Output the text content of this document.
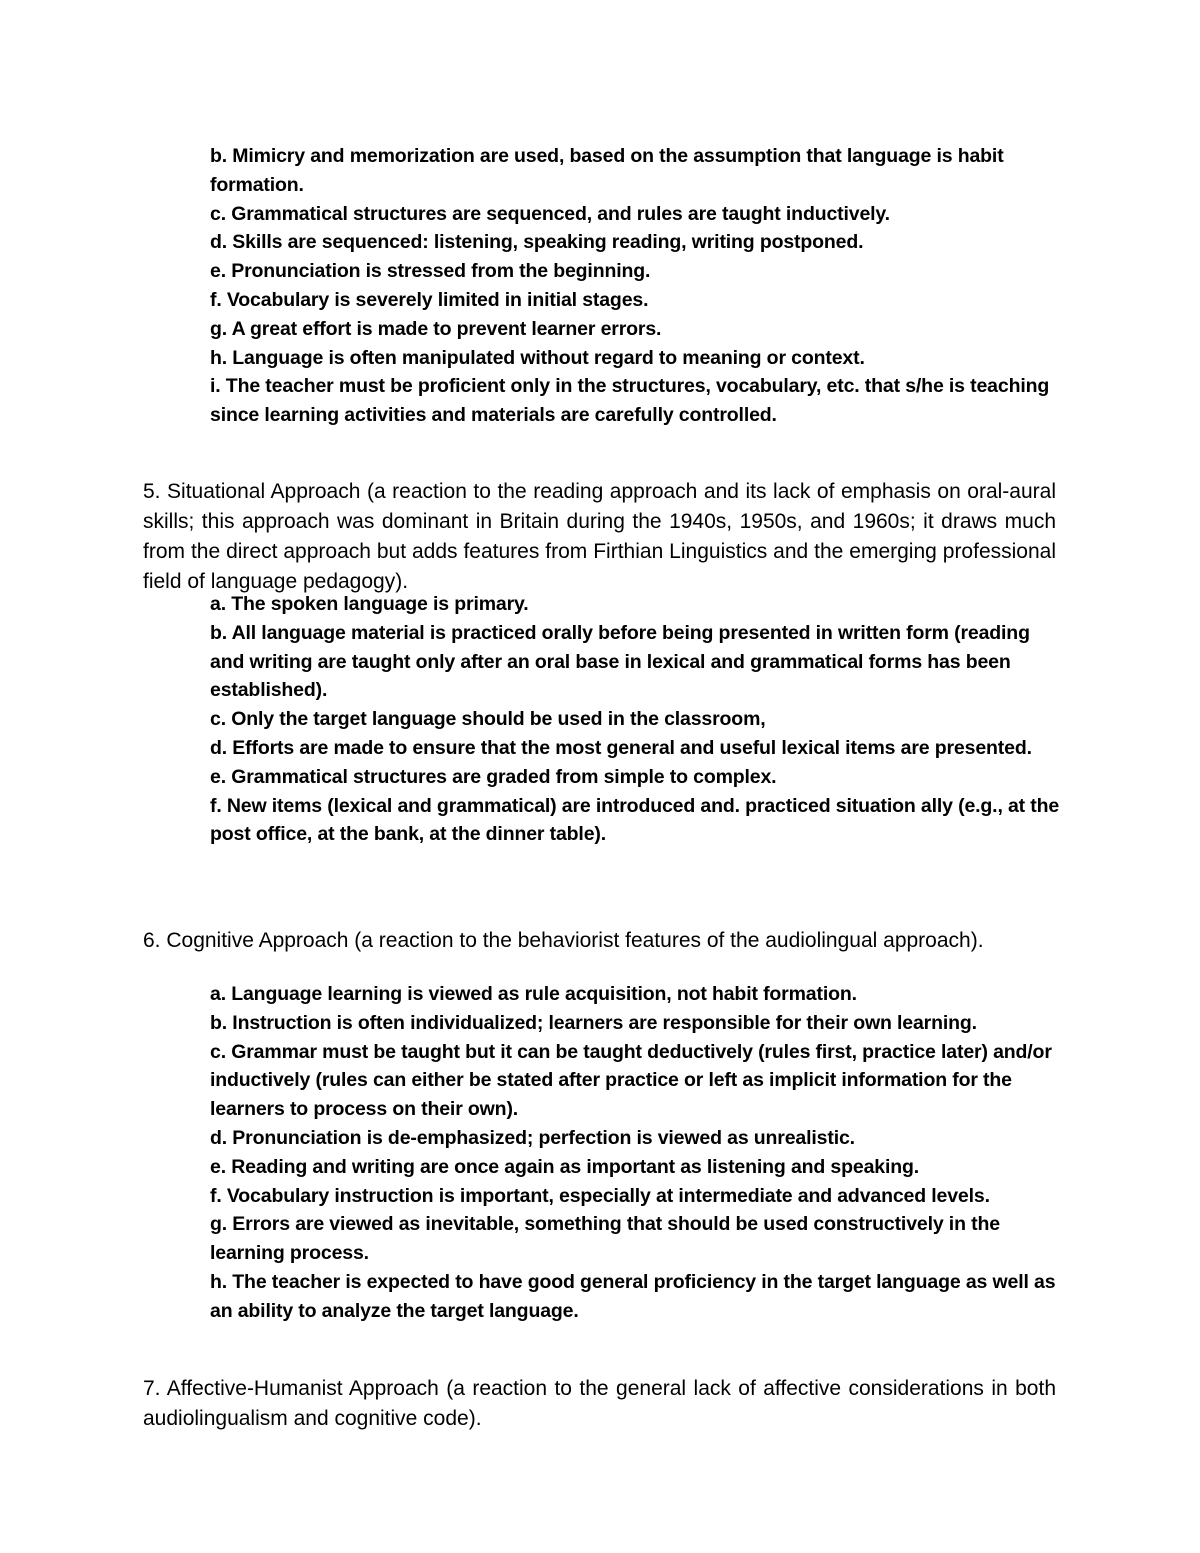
b. Mimicry and memorization are used, based on the assumption that language is habit formation.

c. Grammatical structures are sequenced, and rules are taught inductively.

d. Skills are sequenced: listening, speaking reading, writing postponed.

e. Pronunciation is stressed from the beginning.

f. Vocabulary is severely limited in initial stages.

g. A great effort is made to prevent learner errors.

h. Language is often manipulated without regard to meaning or context.

i. The teacher must be proficient only in the structures, vocabulary, etc. that s/he is teaching since learning activities and materials are carefully controlled.

5. Situational Approach (a reaction to the reading approach and its lack of emphasis on oral-aural skills; this approach was dominant in Britain during the 1940s, 1950s, and 1960s; it draws much from the direct approach but adds features from Firthian Linguistics and the emerging professional field of language pedagogy).

a. The spoken language is primary.

b. All language material is practiced orally before being presented in written form (reading and writing are taught only after an oral base in lexical and grammatical forms has been established).

c. Only the target language should be used in the classroom,

d. Efforts are made to ensure that the most general and useful lexical items are presented.

e. Grammatical structures are graded from simple to complex.

f. New items (lexical and grammatical) are introduced and. practiced situation ally (e.g., at the post office, at the bank, at the dinner table).

6. Cognitive Approach (a reaction to the behaviorist features of the audiolingual approach).

a. Language learning is viewed as rule acquisition, not habit formation.

b. Instruction is often individualized; learners are responsible for their own learning.

c. Grammar must be taught but it can be taught deductively (rules first, practice later) and/or inductively (rules can either be stated after practice or left as implicit information for the learners to process on their own).

d. Pronunciation is de-emphasized; perfection is viewed as unrealistic.

e. Reading and writing are once again as important as listening and speaking.

f. Vocabulary instruction is important, especially at intermediate and advanced levels.

g. Errors are viewed as inevitable, something that should be used constructively in the learning process.

h. The teacher is expected to have good general proficiency in the target language as well as an ability to analyze the target language.

7. Affective-Humanist Approach (a reaction to the general lack of affective considerations in both audiolingualism and cognitive code).
